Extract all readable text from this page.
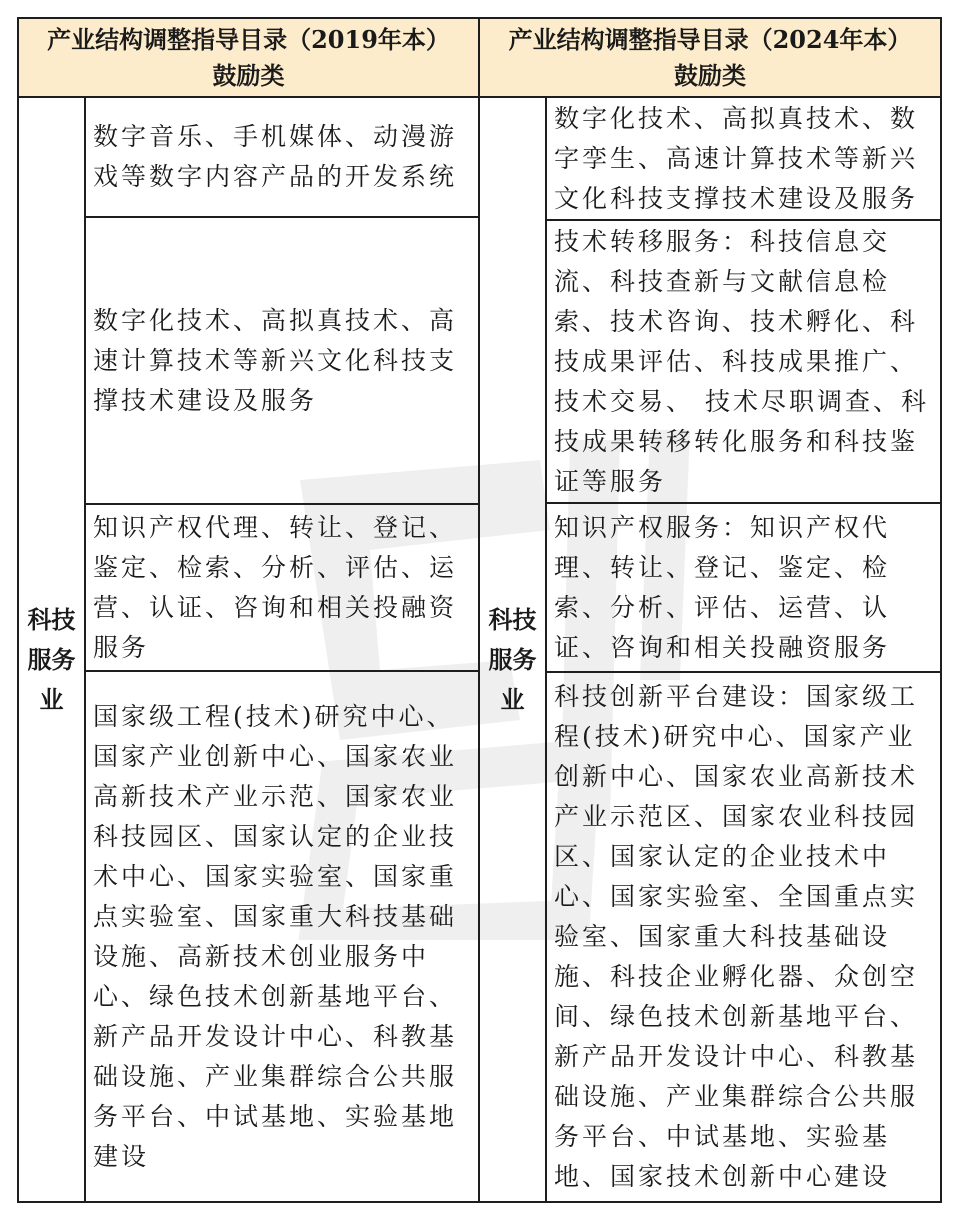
产业结构调整指导目录（2019年本）
鼓励类
科技服务业
数字音乐、手机媒体、动漫游戏等数字内容产品的开发系统
数字化技术、高拟真技术、高速计算技术等新兴文化科技支撑技术建设及服务
知识产权代理、转让、登记、鉴定、检索、分析、评估、运营、认证、咨询和相关投融资服务
国家级工程(技术)研究中心、国家产业创新中心、国家农业高新技术产业示范、国家农业科技园区、国家认定的企业技术中心、国家实验室、国家重点实验室、国家重大科技基础设施、高新技术创业服务中心、绿色技术创新基地平台、新产品开发设计中心、科教基础设施、产业集群综合公共服务平台、中试基地、实验基地建设
产业结构调整指导目录（2024年本）
鼓励类
科技服务业
数字化技术、高拟真技术、数字孪生、高速计算技术等新兴文化科技支撑技术建设及服务
技术转移服务：科技信息交流、科技查新与文献信息检索、技术咨询、技术孵化、科技成果评估、科技成果推广、技术交易、 技术尽职调查、科技成果转移转化服务和科技鉴证等服务
知识产权服务：知识产权代理、转让、登记、鉴定、检索、分析、评估、运营、认证、咨询和相关投融资服务
科技创新平台建设：国家级工程(技术)研究中心、国家产业创新中心、国家农业高新技术产业示范区、国家农业科技园区、国家认定的企业技术中心、国家实验室、全国重点实验室、国家重大科技基础设施、科技企业孵化器、众创空间、绿色技术创新基地平台、新产品开发设计中心、科教基础设施、产业集群综合公共服 务平台、中试基地、实验基地、国家技术创新中心建设
